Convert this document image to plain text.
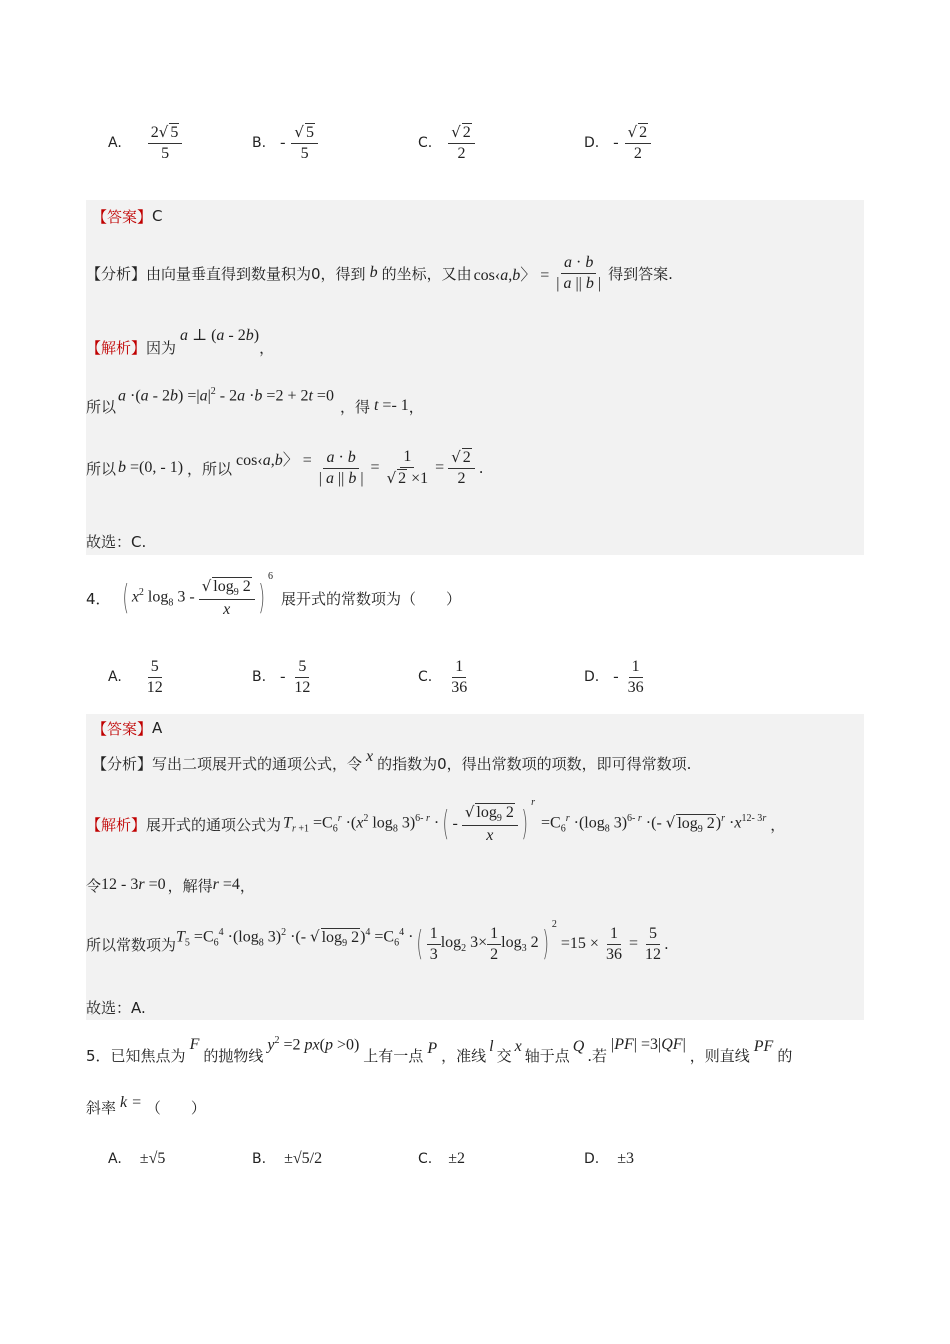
A. $\frac{2√ 5}{5}$	B. - $\frac{√ 5}{5}$	C. $\frac{√ 2}{2}$	D. - $\frac{√ 2}{2}$
【答案】 C
【分析】 由向量垂直得到数量积为0，得到 b 的坐标，又由 cos‹a,b〉 = $\frac{a \cdot b}{| a || b |}$ 得到答案.
【解析】 因为
a ⊥ (a - 2b)
，
所以
$a \cdot(a - 2b) =|a|^2 - 2a \cdot b =2 + 2t =0$
，得 t =- 1 ，
所以 b =(0, - 1) ，所以 cos‹a,b〉 = $\frac{a \cdot b}{| a || b |} = \frac{1}{√ 2 \times 1} = \frac{√ 2}{2}$ .
故选：C.
4． ( $x^2$ $\log_8 3 - \frac{√ \log_9 2}{x}$ )
6
展开式的常数项为（　　）
A. $\frac{5}{12}$	B. - $\frac{5}{12}$	C. $\frac{1}{36}$	D. - $\frac{1}{36}$
【答案】 A
【分析】 写出二项展开式的通项公式，令 x 的指数为0，得出常数项的项数，即可得常数项.
【解析】 展开式的通项公式为 $T_{r +1} =C_6^r \cdot(x^2$ $\log_8 3)^{6- r}$ · ( - $\frac{√ \log_9 2}{x}$ )
r
$=C_6^r \cdot(\log_8$ 3)$^{6- r}$ ·(- √ $\log_9 2)^r \cdot x^{12- 3r}$ ，
令 12 - 3r =0 ，解得 r =4 ，
所以常数项为 $T_5 =C_6^4 \cdot(\log_8$ 3)$^2$ ·(- √ $\log_9 2)^4 =C_6^4$ · ( $\frac{1}{3} \log_2 3\times \frac{1}{2} \log_3 2$ ) 2
$=15 \times \frac{1}{36} = \frac{5}{12}$ .
故选：A.
5． 已知焦点为
F
的抛物线
$y^2 =2$ px(p >0)
上有一点 P ，准线 l 交 x 轴于点 Q .若
|PF| =3|QF|
，则直线 PF 的
斜率 k = （　　）
A. ±√5	B. ±√5/2	C. ±2	D. ±3
